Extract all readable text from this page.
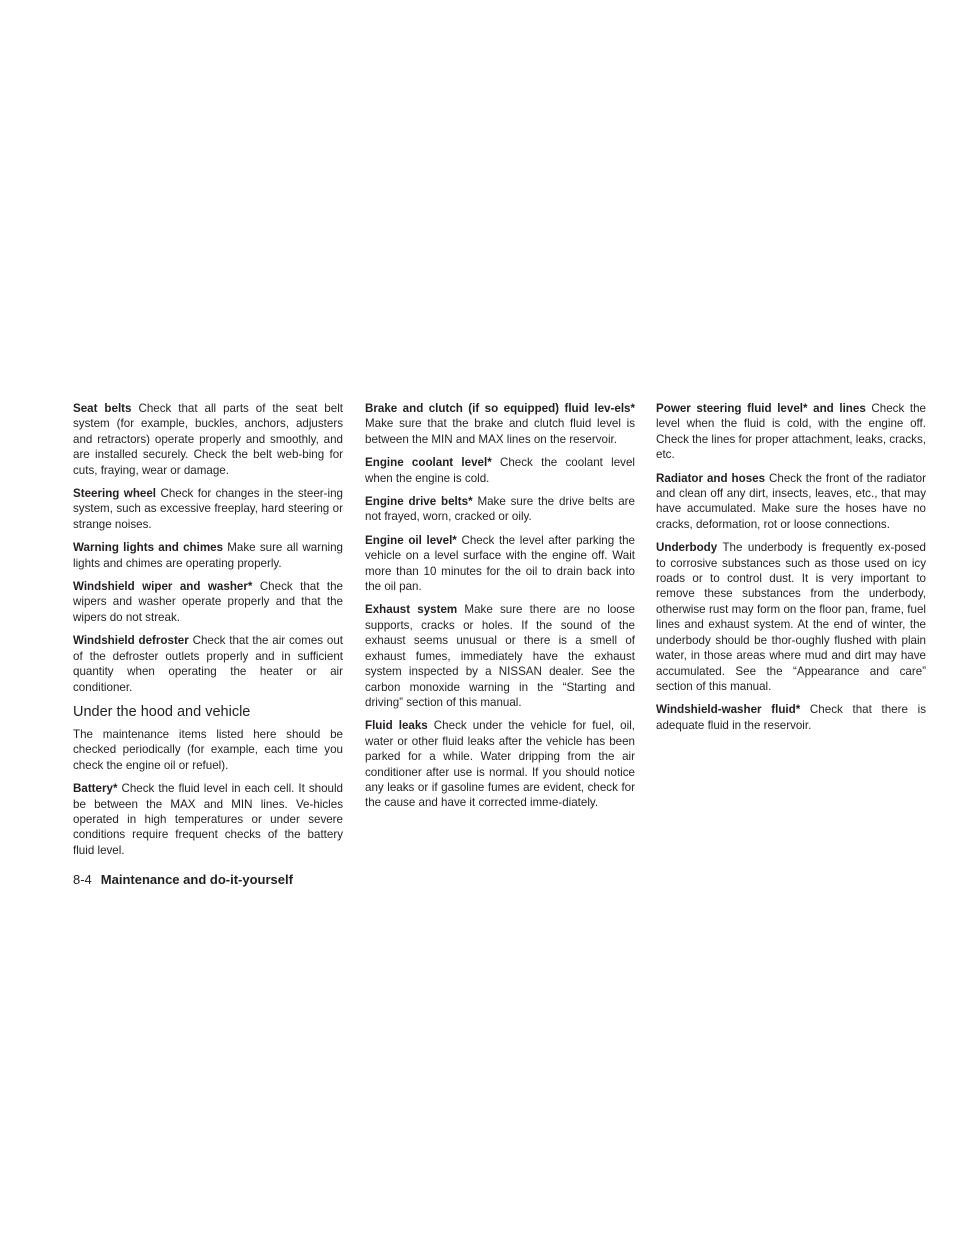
Seat belts Check that all parts of the seat belt system (for example, buckles, anchors, adjusters and retractors) operate properly and smoothly, and are installed securely. Check the belt web-bing for cuts, fraying, wear or damage.

Steering wheel Check for changes in the steer-ing system, such as excessive freeplay, hard steering or strange noises.

Warning lights and chimes Make sure all warning lights and chimes are operating properly.

Windshield wiper and washer* Check that the wipers and washer operate properly and that the wipers do not streak.

Windshield defroster Check that the air comes out of the defroster outlets properly and in sufficient quantity when operating the heater or air conditioner.

Under the hood and vehicle

The maintenance items listed here should be checked periodically (for example, each time you check the engine oil or refuel).

Battery* Check the fluid level in each cell. It should be between the MAX and MIN lines. Ve-hicles operated in high temperatures or under severe conditions require frequent checks of the battery fluid level.

Brake and clutch (if so equipped) fluid lev-els* Make sure that the brake and clutch fluid level is between the MIN and MAX lines on the reservoir.

Engine coolant level* Check the coolant level when the engine is cold.

Engine drive belts* Make sure the drive belts are not frayed, worn, cracked or oily.

Engine oil level* Check the level after parking the vehicle on a level surface with the engine off. Wait more than 10 minutes for the oil to drain back into the oil pan.

Exhaust system Make sure there are no loose supports, cracks or holes. If the sound of the exhaust seems unusual or there is a smell of exhaust fumes, immediately have the exhaust system inspected by a NISSAN dealer. See the carbon monoxide warning in the “Starting and driving” section of this manual.

Fluid leaks Check under the vehicle for fuel, oil, water or other fluid leaks after the vehicle has been parked for a while. Water dripping from the air conditioner after use is normal. If you should notice any leaks or if gasoline fumes are evident, check for the cause and have it corrected imme-diately.

Power steering fluid level* and lines Check the level when the fluid is cold, with the engine off. Check the lines for proper attachment, leaks, cracks, etc.

Radiator and hoses Check the front of the radiator and clean off any dirt, insects, leaves, etc., that may have accumulated. Make sure the hoses have no cracks, deformation, rot or loose connections.

Underbody The underbody is frequently ex-posed to corrosive substances such as those used on icy roads or to control dust. It is very important to remove these substances from the underbody, otherwise rust may form on the floor pan, frame, fuel lines and exhaust system. At the end of winter, the underbody should be thor-oughly flushed with plain water, in those areas where mud and dirt may have accumulated. See the “Appearance and care” section of this manual.

Windshield-washer fluid* Check that there is adequate fluid in the reservoir.

8-4 Maintenance and do-it-yourself
